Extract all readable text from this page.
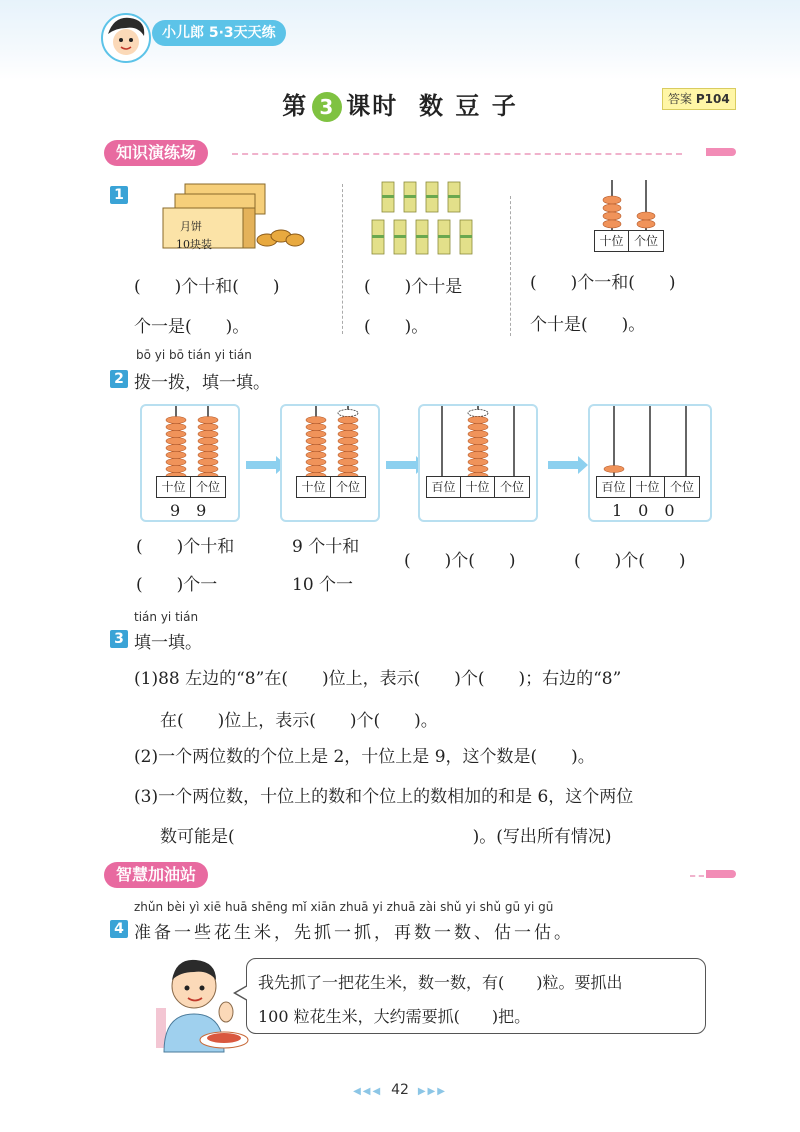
小儿郎 5·3天天练
第 3 课时 数 豆 子	答案 P104
知识演练场
1
月饼
10块装
(　　)个十和(　　)
个一是(　　)。
(　　)个十是
(　　)。
十位 个位
(　　)个一和(　　)
个十是(　　)。
bō yi bō tián yi tián
2 拨一拨，填一填。
十位 个位
9　9
十位 个位	百位 十位 个位	百位 十位 个位
1　0　0
(　　)个十和
(　　)个一
9 个十和
10 个一
(　　)个(　　)	(　　)个(　　)
tián yi tián
3 填一填。
(1)88 左边的“8”在(　　)位上，表示(　　)个(　　)；右边的“8”
在(　　)位上，表示(　　)个(　　)。
(2)一个两位数的个位上是 2，十位上是 9，这个数是(　　)。
(3)一个两位数，十位上的数和个位上的数相加的和是 6，这个两位
数可能是(　　　　　　　　　　　　　　)。(写出所有情况)
智慧加油站
zhǔn bèi yì xiē huā shēng mǐ xiān zhuā yi zhuā zài shǔ yi shǔ gū yi gū
4 准备一些花生米，先抓一抓，再数一数、估一估。
我先抓了一把花生米，数一数，有(　　)粒。要抓出
100 粒花生米，大约需要抓(　　)把。
◀◀◀ 42 ▶▶▶
